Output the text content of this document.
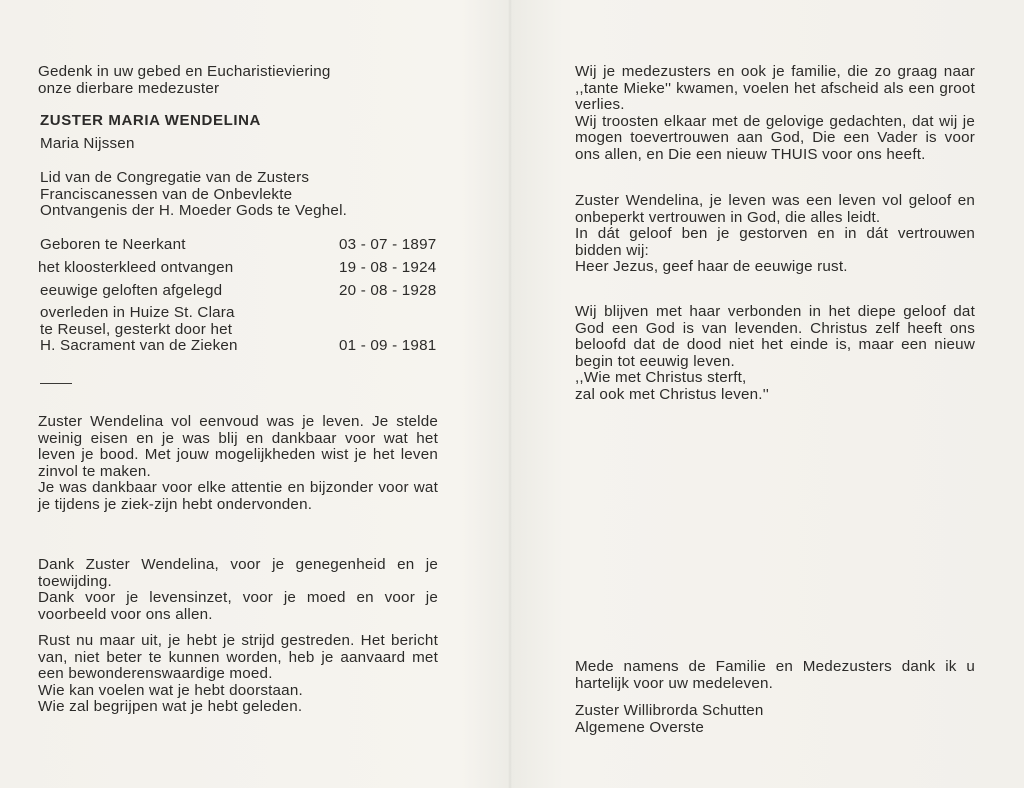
Gedenk in uw gebed en Eucharistieviering
onze dierbare medezuster
ZUSTER MARIA WENDELINA
Maria Nijssen
Lid van de Congregatie van de Zusters
Franciscanessen van de Onbevlekte
Ontvangenis der H. Moeder Gods te Veghel.
Geboren te Neerkant	03 - 07 - 1897
het kloosterkleed ontvangen	19 - 08 - 1924
eeuwige geloften afgelegd	20 - 08 - 1928
overleden in Huize St. Clara
te Reusel, gesterkt door het
H. Sacrament van de Zieken	01 - 09 - 1981
Zuster Wendelina vol eenvoud was je leven. Je stelde weinig eisen en je was blij en dankbaar voor wat het leven je bood. Met jouw mogelijkheden wist je het leven zinvol te maken.
Je was dankbaar voor elke attentie en bijzonder voor wat je tijdens je ziek-zijn hebt ondervonden.
Dank Zuster Wendelina, voor je genegenheid en je toewijding.
Dank voor je levensinzet, voor je moed en voor je voorbeeld voor ons allen.
Rust nu maar uit, je hebt je strijd gestreden. Het bericht van, niet beter te kunnen worden, heb je aanvaard met een bewonderenswaardige moed.
Wie kan voelen wat je hebt doorstaan.
Wie zal begrijpen wat je hebt geleden.
Wij je medezusters en ook je familie, die zo graag naar ,,tante Mieke'' kwamen, voelen het afscheid als een groot verlies.
Wij troosten elkaar met de gelovige gedachten, dat wij je mogen toevertrouwen aan God, Die een Vader is voor ons allen, en Die een nieuw THUIS voor ons heeft.
Zuster Wendelina, je leven was een leven vol geloof en onbeperkt vertrouwen in God, die alles leidt.
In dát geloof ben je gestorven en in dát vertrouwen bidden wij:
Heer Jezus, geef haar de eeuwige rust.
Wij blijven met haar verbonden in het diepe geloof dat God een God is van levenden. Christus zelf heeft ons beloofd dat de dood niet het einde is, maar een nieuw begin tot eeuwig leven.
,,Wie met Christus sterft,
zal ook met Christus leven.''
Mede namens de Familie en Medezusters dank ik u hartelijk voor uw medeleven.
Zuster Willibrorda Schutten
Algemene Overste
